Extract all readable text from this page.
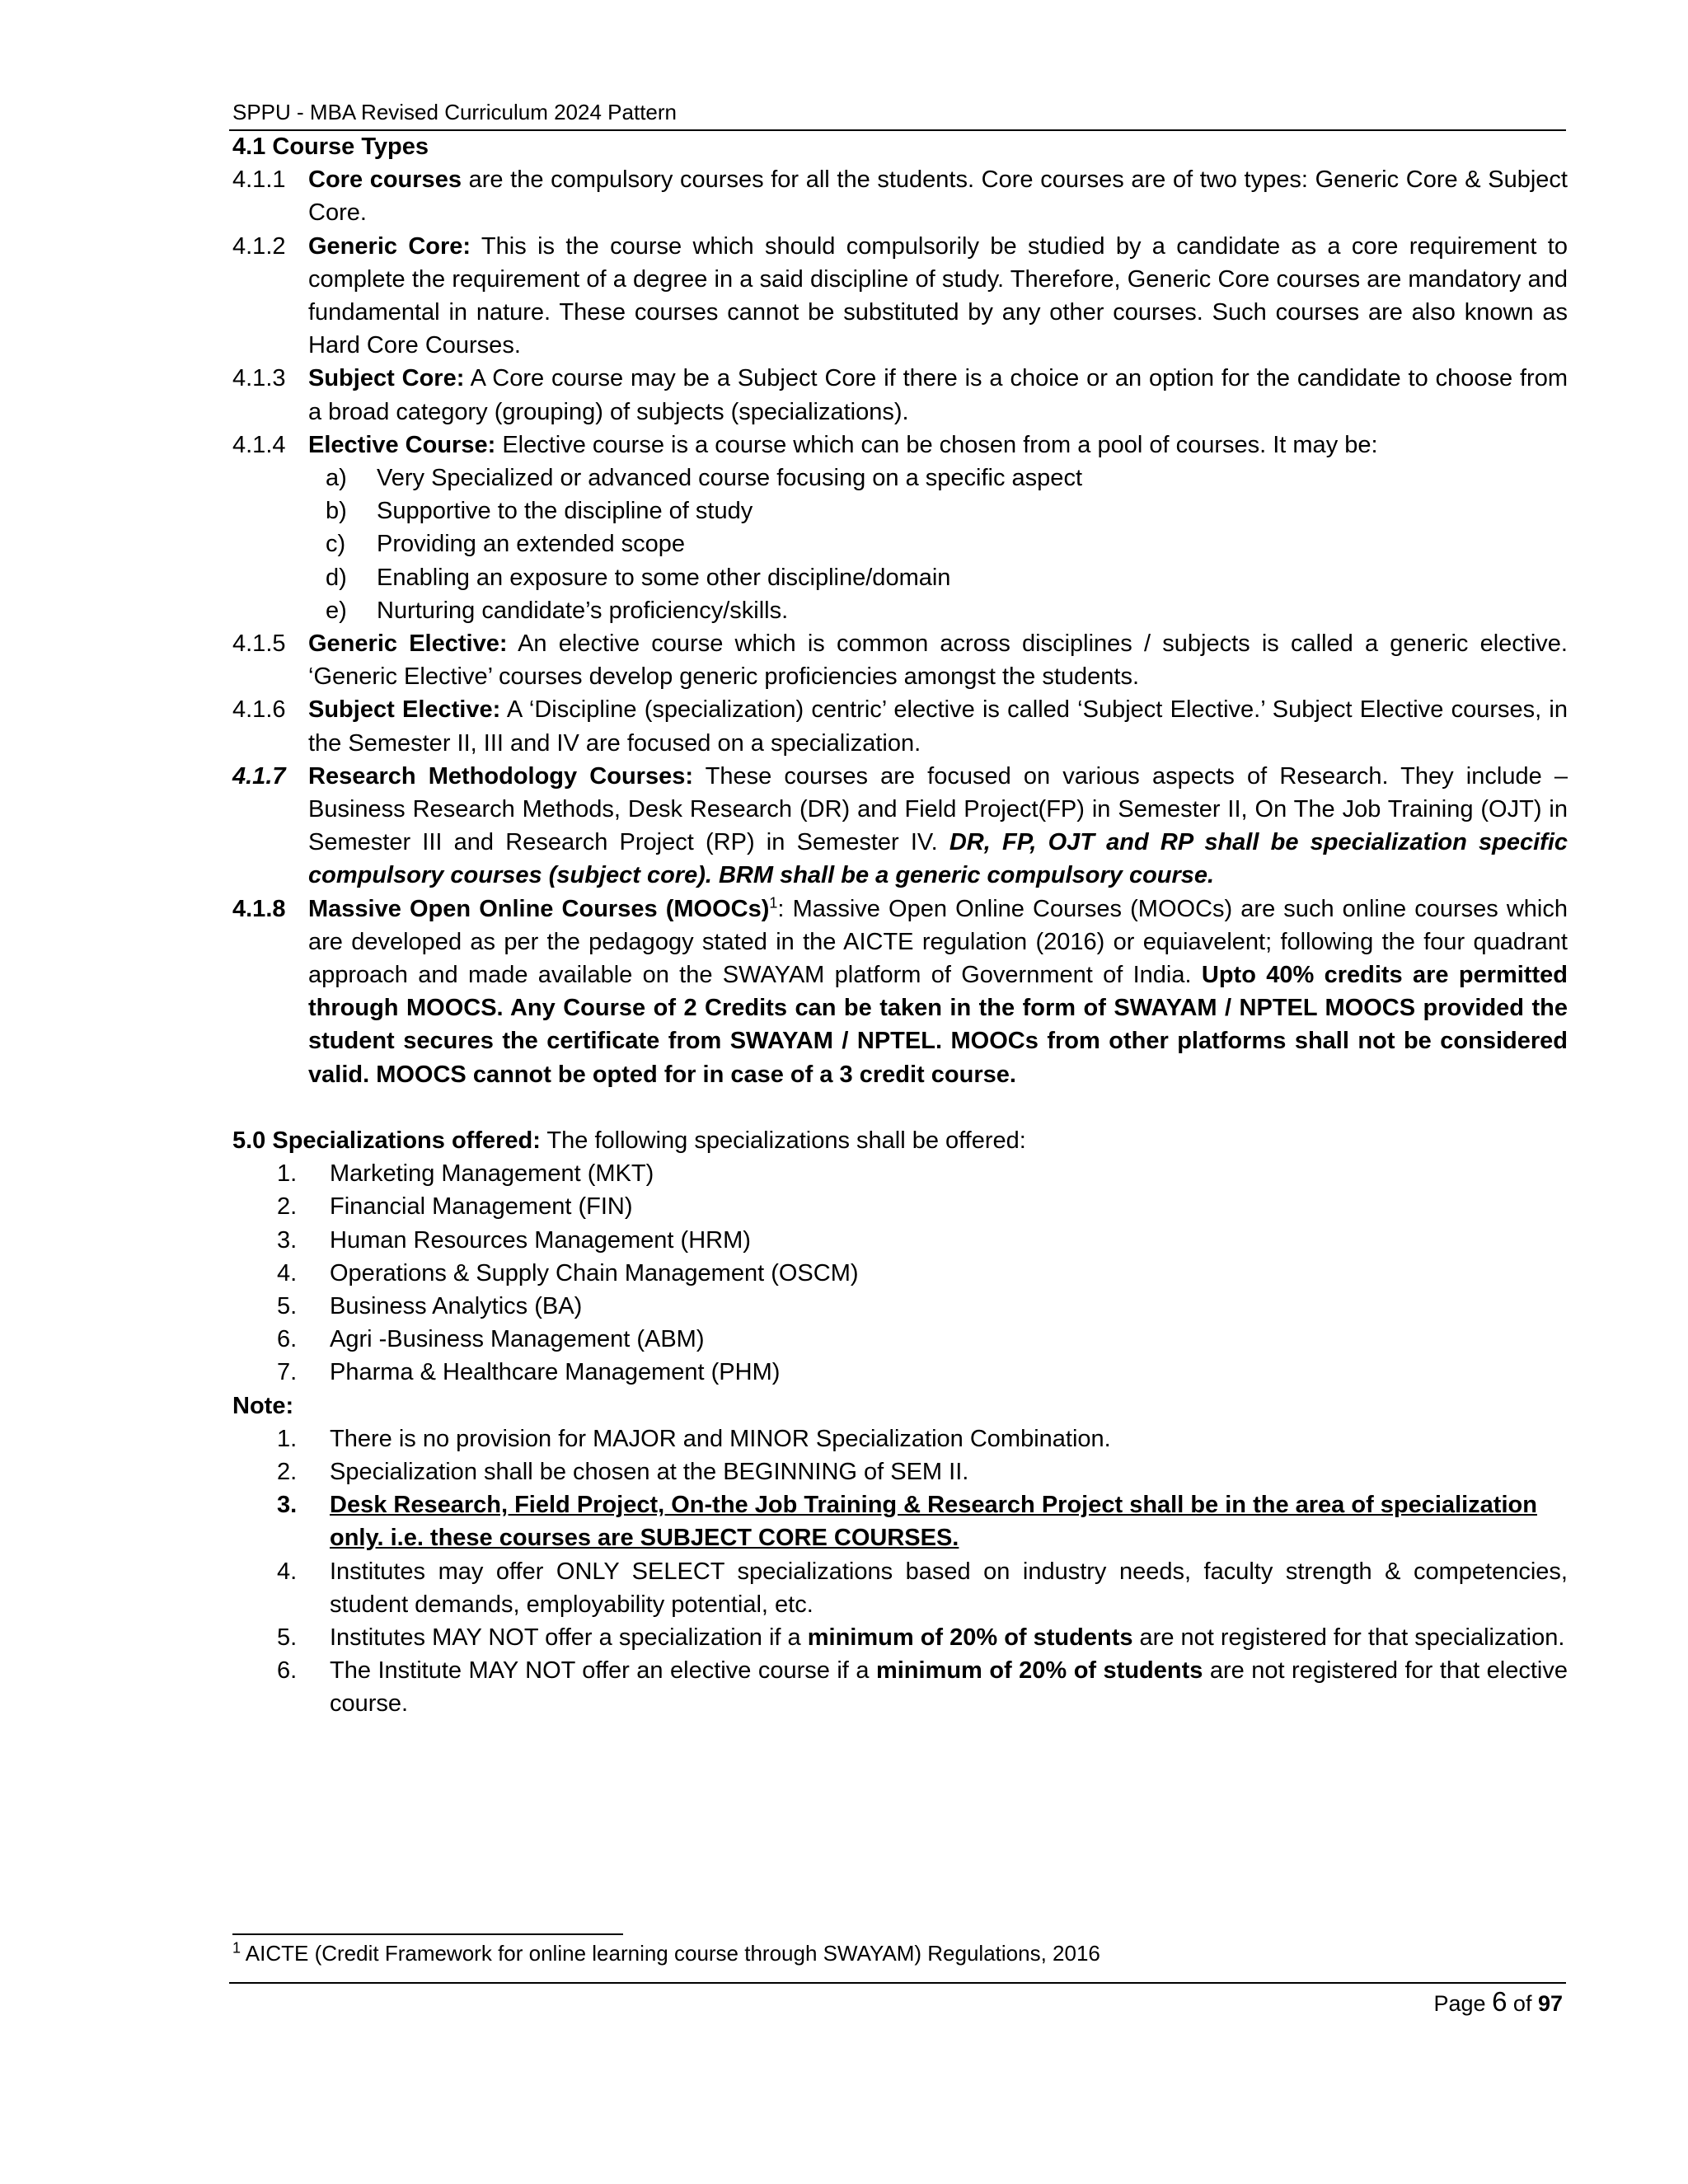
SPPU - MBA Revised Curriculum 2024 Pattern
4.1 Course Types
4.1.1 Core courses are the compulsory courses for all the students. Core courses are of two types: Generic Core & Subject Core.
4.1.2 Generic Core: This is the course which should compulsorily be studied by a candidate as a core requirement to complete the requirement of a degree in a said discipline of study. Therefore, Generic Core courses are mandatory and fundamental in nature. These courses cannot be substituted by any other courses. Such courses are also known as Hard Core Courses.
4.1.3 Subject Core: A Core course may be a Subject Core if there is a choice or an option for the candidate to choose from a broad category (grouping) of subjects (specializations).
4.1.4 Elective Course: Elective course is a course which can be chosen from a pool of courses. It may be:
a)	Very Specialized or advanced course focusing on a specific aspect
b)	Supportive to the discipline of study
c)	Providing an extended scope
d)	Enabling an exposure to some other discipline/domain
e)	Nurturing candidate’s proficiency/skills.
4.1.5 Generic Elective: An elective course which is common across disciplines / subjects is called a generic elective. ‘Generic Elective’ courses develop generic proficiencies amongst the students.
4.1.6 Subject Elective: A ‘Discipline (specialization) centric’ elective is called ‘Subject Elective.’ Subject Elective courses, in the Semester II, III and IV are focused on a specialization.
4.1.7 Research Methodology Courses: These courses are focused on various aspects of Research. They include – Business Research Methods, Desk Research (DR) and Field Project(FP) in Semester II, On The Job Training (OJT) in Semester III and Research Project (RP) in Semester IV. DR, FP, OJT and RP shall be specialization specific compulsory courses (subject core). BRM shall be a generic compulsory course.
4.1.8 Massive Open Online Courses (MOOCs)$^1$: Massive Open Online Courses (MOOCs) are such online courses which are developed as per the pedagogy stated in the AICTE regulation (2016) or equiavelent; following the four quadrant approach and made available on the SWAYAM platform of Government of India. Upto 40% credits are permitted through MOOCS. Any Course of 2 Credits can be taken in the form of SWAYAM / NPTEL MOOCS provided the student secures the certificate from SWAYAM / NPTEL. MOOCs from other platforms shall not be considered valid. MOOCS cannot be opted for in case of a 3 credit course.
5.0 Specializations offered: The following specializations shall be offered:
1.	Marketing Management (MKT)
2.	Financial Management (FIN)
3.	Human Resources Management (HRM)
4.	Operations & Supply Chain Management (OSCM)
5.	Business Analytics (BA)
6.	Agri -Business Management (ABM)
7.	Pharma & Healthcare Management (PHM)
Note:
1.	There is no provision for MAJOR and MINOR Specialization Combination.
2.	Specialization shall be chosen at the BEGINNING of SEM II.
3.	Desk Research, Field Project, On-the Job Training & Research Project shall be in the area of specialization only. i.e. these courses are SUBJECT CORE COURSES.
4.	Institutes may offer ONLY SELECT specializations based on industry needs, faculty strength & competencies, student demands, employability potential, etc.
5.	Institutes MAY NOT offer a specialization if a minimum of 20% of students are not registered for that specialization.
6.	The Institute MAY NOT offer an elective course if a minimum of 20% of students are not registered for that elective course.
$^1$ AICTE (Credit Framework for online learning course through SWAYAM) Regulations, 2016
Page 6 of 97
